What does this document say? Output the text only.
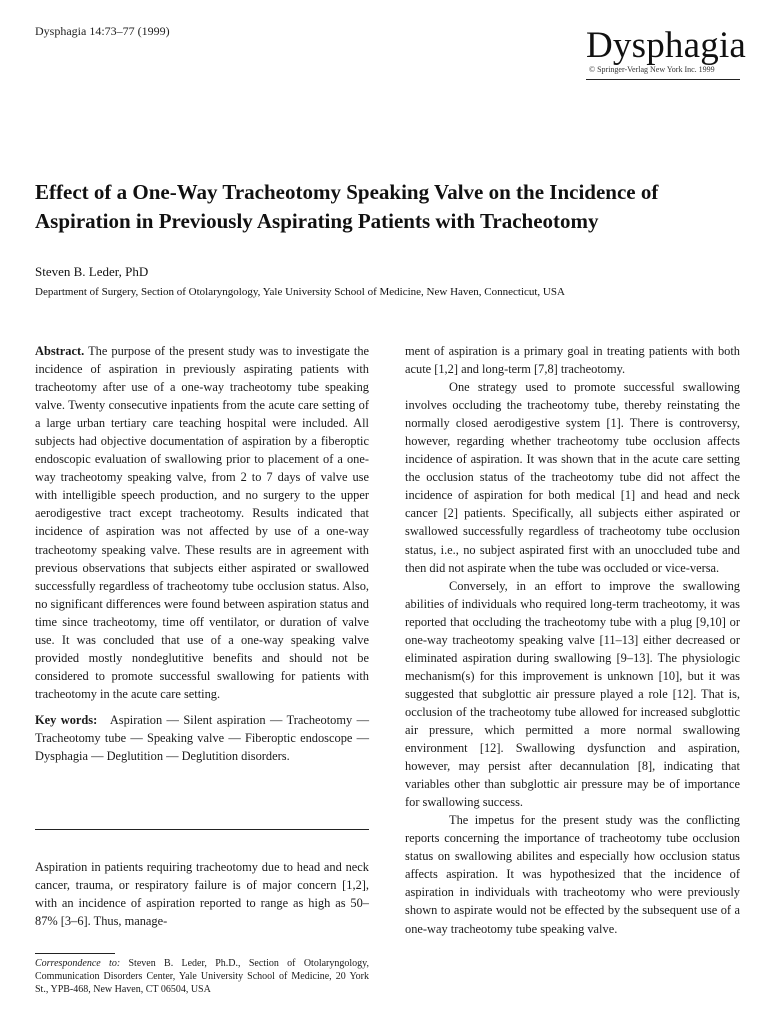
Dysphagia 14:73–77 (1999)	Dysphagia
© Springer-Verlag New York Inc. 1999
Effect of a One-Way Tracheotomy Speaking Valve on the Incidence of Aspiration in Previously Aspirating Patients with Tracheotomy
Steven B. Leder, PhD
Department of Surgery, Section of Otolaryngology, Yale University School of Medicine, New Haven, Connecticut, USA

Abstract. The purpose of the present study was to investigate the incidence of aspiration in previously aspirating patients with tracheotomy after use of a one-way tracheotomy tube speaking valve. Twenty consecutive inpatients from the acute care setting of a large urban tertiary care teaching hospital were included. All subjects had objective documentation of aspiration by a fiberoptic endoscopic evaluation of swallowing prior to placement of a one-way tracheotomy speaking valve, from 2 to 7 days of valve use with intelligible speech production, and no surgery to the upper aerodigestive tract except tracheotomy. Results indicated that incidence of aspiration was not affected by use of a one-way tracheotomy speaking valve. These results are in agreement with previous observations that subjects either aspirated or swallowed successfully regardless of tracheotomy tube occlusion status. Also, no significant differences were found between aspiration status and time since tracheotomy, time off ventilator, or duration of valve use. It was concluded that use of a one-way speaking valve provided mostly nondeglutitive benefits and should not be considered to promote successful swallowing for patients with tracheotomy in the acute care setting.

Key words: Aspiration — Silent aspiration — Tracheotomy — Tracheotomy tube — Speaking valve — Fiberoptic endoscope — Dysphagia — Deglutition — Deglutition disorders.

Aspiration in patients requiring tracheotomy due to head and neck cancer, trauma, or respiratory failure is of major concern [1,2], with an incidence of aspiration reported to range as high as 50–87% [3–6]. Thus, manage-

Correspondence to: Steven B. Leder, Ph.D., Section of Otolaryngology, Communication Disorders Center, Yale University School of Medicine, 20 York St., YPB-468, New Haven, CT 06504, USA

ment of aspiration is a primary goal in treating patients with both acute [1,2] and long-term [7,8] tracheotomy.

One strategy used to promote successful swallowing involves occluding the tracheotomy tube, thereby reinstating the normally closed aerodigestive system [1]. There is controversy, however, regarding whether tracheotomy tube occlusion affects incidence of aspiration. It was shown that in the acute care setting the occlusion status of the tracheotomy tube did not affect the incidence of aspiration for both medical [1] and head and neck cancer [2] patients. Specifically, all subjects either aspirated or swallowed successfully regardless of tracheotomy tube occlusion status, i.e., no subject aspirated first with an unoccluded tube and then did not aspirate when the tube was occluded or vice-versa.

Conversely, in an effort to improve the swallowing abilities of individuals who required long-term tracheotomy, it was reported that occluding the tracheotomy tube with a plug [9,10] or one-way tracheotomy speaking valve [11–13] either decreased or eliminated aspiration during swallowing [9–13]. The physiologic mechanism(s) for this improvement is unknown [10], but it was suggested that subglottic air pressure played a role [12]. That is, occlusion of the tracheotomy tube allowed for increased subglottic air pressure, which permitted a more normal swallowing environment [12]. Swallowing dysfunction and aspiration, however, may persist after decannulation [8], indicating that variables other than subglottic air pressure may be of importance for swallowing success.

The impetus for the present study was the conflicting reports concerning the importance of tracheotomy tube occlusion status on swallowing abilites and especially how occlusion status affects aspiration. It was hypothesized that the incidence of aspiration in individuals with tracheotomy who were previously shown to aspirate would not be effected by the subsequent use of a one-way tracheotomy tube speaking valve.
